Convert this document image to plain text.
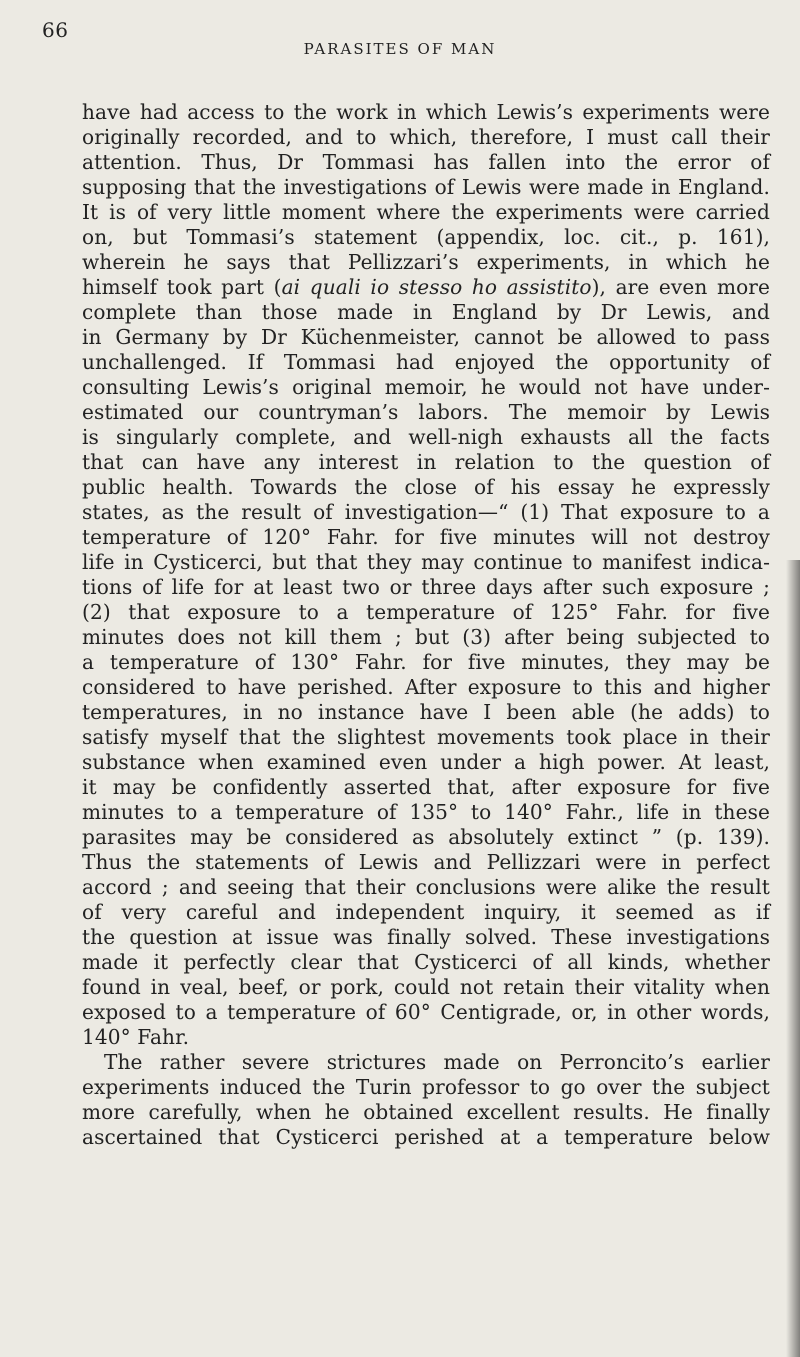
66
PARASITES OF MAN
have had access to the work in which Lewis’s experiments were
originally recorded, and to which, therefore, I must call their
attention. Thus, Dr Tommasi has fallen into the error of
supposing that the investigations of Lewis were made in England.
It is of very little moment where the experiments were carried
on, but Tommasi’s statement (appendix, loc. cit., p. 161),
wherein he says that Pellizzari’s experiments, in which he
himself took part (ai quali io stesso ho assistito), are even more
complete than those made in England by Dr Lewis, and
in Germany by Dr Küchenmeister, cannot be allowed to pass
unchallenged. If Tommasi had enjoyed the opportunity of
consulting Lewis’s original memoir, he would not have under-
estimated our countryman’s labors. The memoir by Lewis
is singularly complete, and well-nigh exhausts all the facts
that can have any interest in relation to the question of
public health. Towards the close of his essay he expressly
states, as the result of investigation—“ (1) That exposure to a
temperature of 120° Fahr. for five minutes will not destroy
life in Cysticerci, but that they may continue to manifest indica-
tions of life for at least two or three days after such exposure ;
(2) that exposure to a temperature of 125° Fahr. for five
minutes does not kill them ; but (3) after being subjected to
a temperature of 130° Fahr. for five minutes, they may be
considered to have perished. After exposure to this and higher
temperatures, in no instance have I been able (he adds) to
satisfy myself that the slightest movements took place in their
substance when examined even under a high power. At least,
it may be confidently asserted that, after exposure for five
minutes to a temperature of 135° to 140° Fahr., life in these
parasites may be considered as absolutely extinct ” (p. 139).
Thus the statements of Lewis and Pellizzari were in perfect
accord ; and seeing that their conclusions were alike the result
of very careful and independent inquiry, it seemed as if
the question at issue was finally solved. These investigations
made it perfectly clear that Cysticerci of all kinds, whether
found in veal, beef, or pork, could not retain their vitality when
exposed to a temperature of 60° Centigrade, or, in other words,
140° Fahr.
The rather severe strictures made on Perroncito’s earlier
experiments induced the Turin professor to go over the subject
more carefully, when he obtained excellent results. He finally
ascertained that Cysticerci perished at a temperature below
